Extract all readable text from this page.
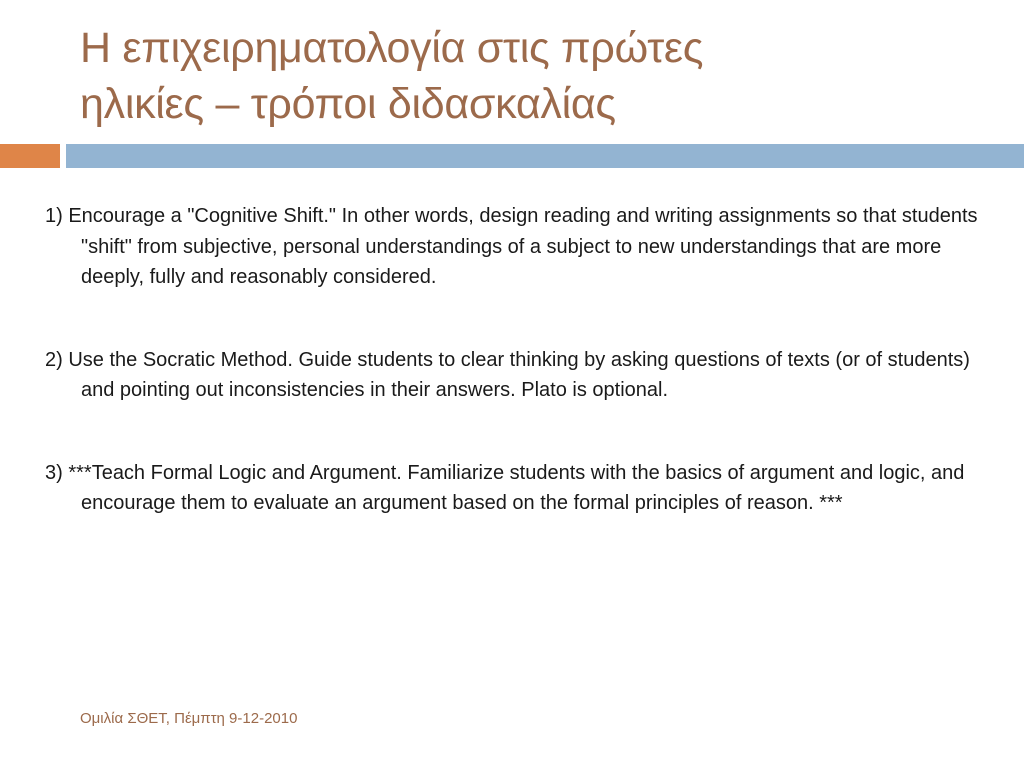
Η επιχειρηματολογία στις πρώτες
ηλικίες – τρόποι διδασκαλίας
1) Encourage a "Cognitive Shift." In other words, design reading and writing assignments so that students "shift" from subjective, personal understandings of a subject to new understandings that are more deeply, fully and reasonably considered.
2) Use the Socratic Method. Guide students to clear thinking by asking questions of texts (or of students) and pointing out inconsistencies in their answers. Plato is optional.
3) ***Teach Formal Logic and Argument. Familiarize students with the basics of argument and logic, and encourage them to evaluate an argument based on the formal principles of reason. ***
Ομιλία ΣΘΕΤ, Πέμπτη 9-12-2010
